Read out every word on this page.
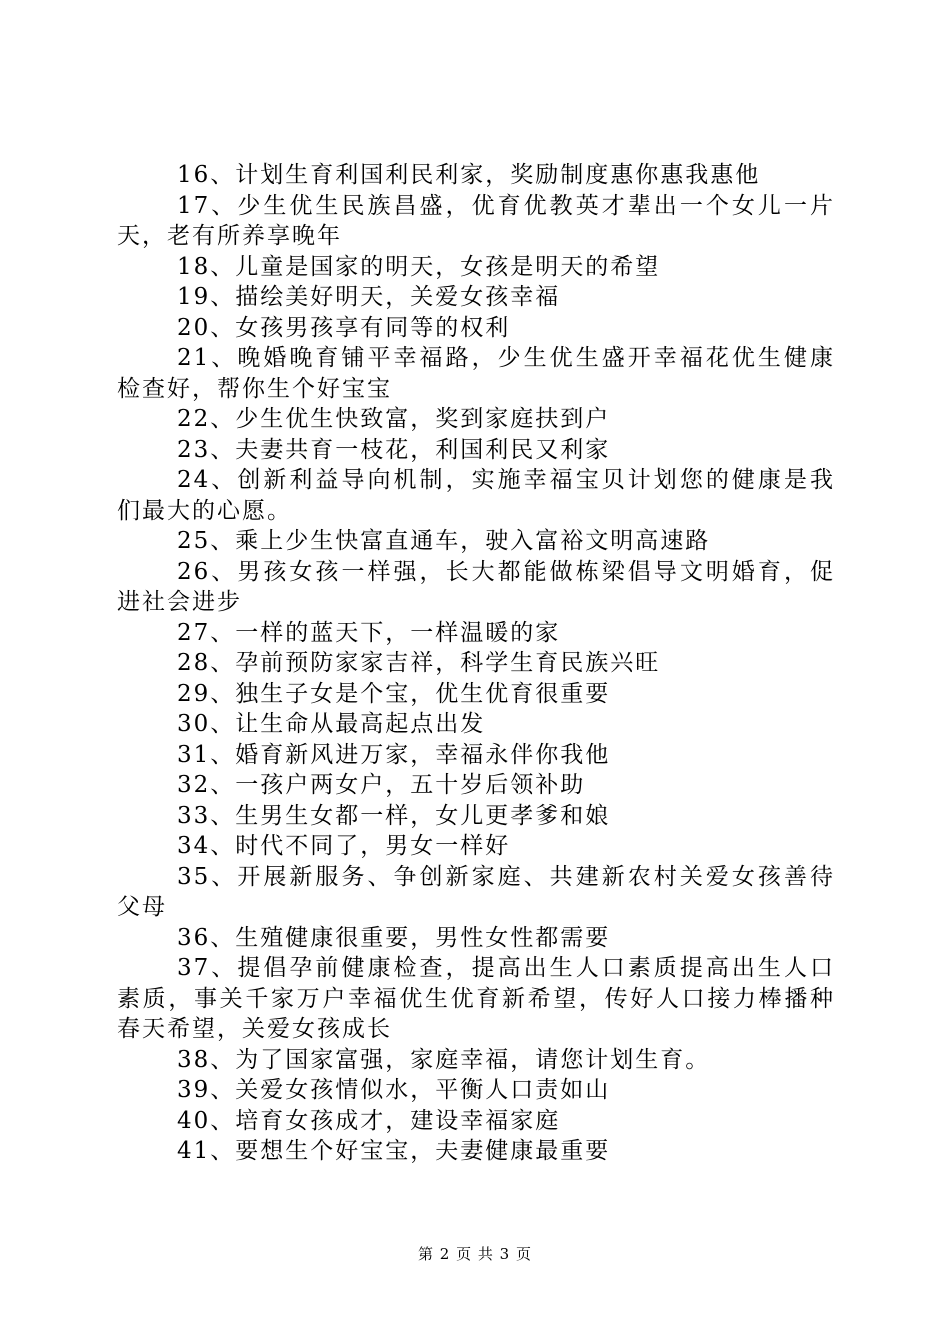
16、计划生育利国利民利家，奖励制度惠你惠我惠他

17、少生优生民族昌盛，优育优教英才辈出一个女儿一片天，老有所养享晚年

18、儿童是国家的明天，女孩是明天的希望

19、描绘美好明天，关爱女孩幸福

20、女孩男孩享有同等的权利

21、晚婚晚育铺平幸福路，少生优生盛开幸福花优生健康检查好，帮你生个好宝宝

22、少生优生快致富，奖到家庭扶到户

23、夫妻共育一枝花，利国利民又利家

24、创新利益导向机制，实施幸福宝贝计划您的健康是我们最大的心愿。

25、乘上少生快富直通车，驶入富裕文明高速路

26、男孩女孩一样强，长大都能做栋梁倡导文明婚育，促进社会进步

27、一样的蓝天下，一样温暖的家

28、孕前预防家家吉祥，科学生育民族兴旺

29、独生子女是个宝，优生优育很重要

30、让生命从最高起点出发

31、婚育新风进万家，幸福永伴你我他

32、一孩户两女户，五十岁后领补助

33、生男生女都一样，女儿更孝爹和娘

34、时代不同了，男女一样好

35、开展新服务、争创新家庭、共建新农村关爱女孩善待父母

36、生殖健康很重要，男性女性都需要

37、提倡孕前健康检查，提高出生人口素质提高出生人口素质，事关千家万户幸福优生优育新希望，传好人口接力棒播种春天希望，关爱女孩成长

38、为了国家富强，家庭幸福，请您计划生育。

39、关爱女孩情似水，平衡人口责如山

40、培育女孩成才，建设幸福家庭

41、要想生个好宝宝，夫妻健康最重要

第 2 页 共 3 页
